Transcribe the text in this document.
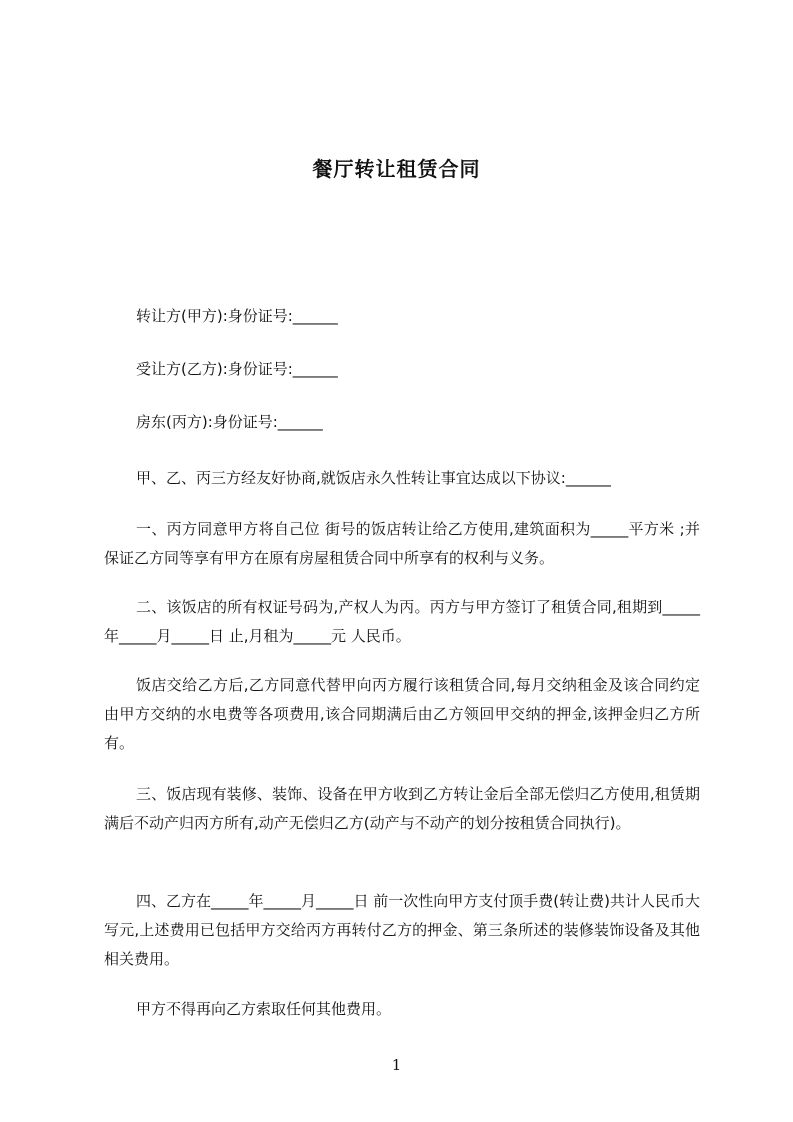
餐厅转让租赁合同

转让方(甲方):身份证号:______

受让方(乙方):身份证号:______

房东(丙方):身份证号:______

甲、乙、丙三方经友好协商,就饭店永久性转让事宜达成以下协议:______

一、丙方同意甲方将自己位 街号的饭店转让给乙方使用,建筑面积为_____平方米 ;并保证乙方同等享有甲方在原有房屋租赁合同中所享有的权利与义务。

二、该饭店的所有权证号码为,产权人为丙。丙方与甲方签订了租赁合同,租期到_____年_____月_____日 止,月租为_____元 人民币。

饭店交给乙方后,乙方同意代替甲向丙方履行该租赁合同,每月交纳租金及该合同约定由甲方交纳的水电费等各项费用,该合同期满后由乙方领回甲交纳的押金,该押金归乙方所有。

三、饭店现有装修、装饰、设备在甲方收到乙方转让金后全部无偿归乙方使用,租赁期满后不动产归丙方所有,动产无偿归乙方(动产与不动产的划分按租赁合同执行)。

四、乙方在_____年_____月_____日 前一次性向甲方支付顶手费(转让费)共计人民币大写元,上述费用已包括甲方交给丙方再转付乙方的押金、第三条所述的装修装饰设备及其他相关费用。

甲方不得再向乙方索取任何其他费用。

1
